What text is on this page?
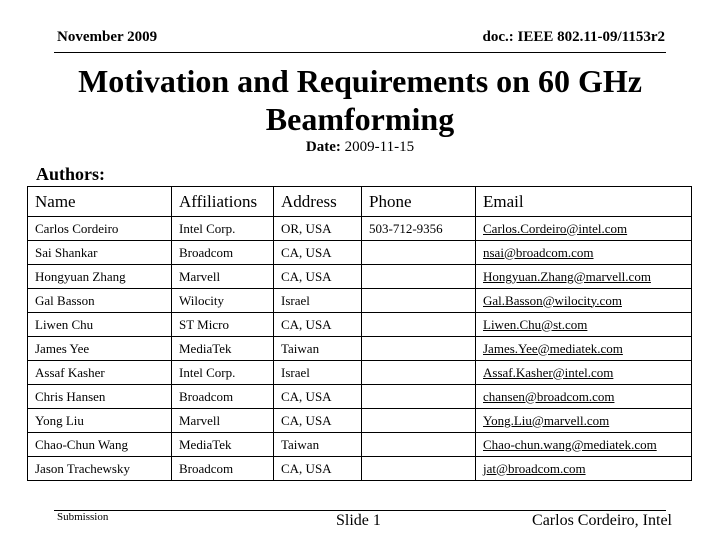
November 2009	doc.: IEEE 802.11-09/1153r2
Motivation and Requirements on 60 GHz
Beamforming
Date: 2009-11-15
Authors:
Name	Affiliations	Address	Phone	Email
Carlos Cordeiro	Intel Corp.	OR, USA	503-712-9356	Carlos.Cordeiro@intel.com
Sai Shankar	Broadcom	CA, USA		nsai@broadcom.com
Hongyuan Zhang	Marvell	CA, USA		Hongyuan.Zhang@marvell.com
Gal Basson	Wilocity	Israel		Gal.Basson@wilocity.com
Liwen Chu	ST Micro	CA, USA		Liwen.Chu@st.com
James Yee	MediaTek	Taiwan		James.Yee@mediatek.com
Assaf Kasher	Intel Corp.	Israel		Assaf.Kasher@intel.com
Chris Hansen	Broadcom	CA, USA		chansen@broadcom.com
Yong Liu	Marvell	CA, USA		Yong.Liu@marvell.com
Chao-Chun Wang	MediaTek	Taiwan		Chao-chun.wang@mediatek.com
Jason Trachewsky	Broadcom	CA, USA		jat@broadcom.com
Submission	Slide 1	Carlos Cordeiro, Intel
